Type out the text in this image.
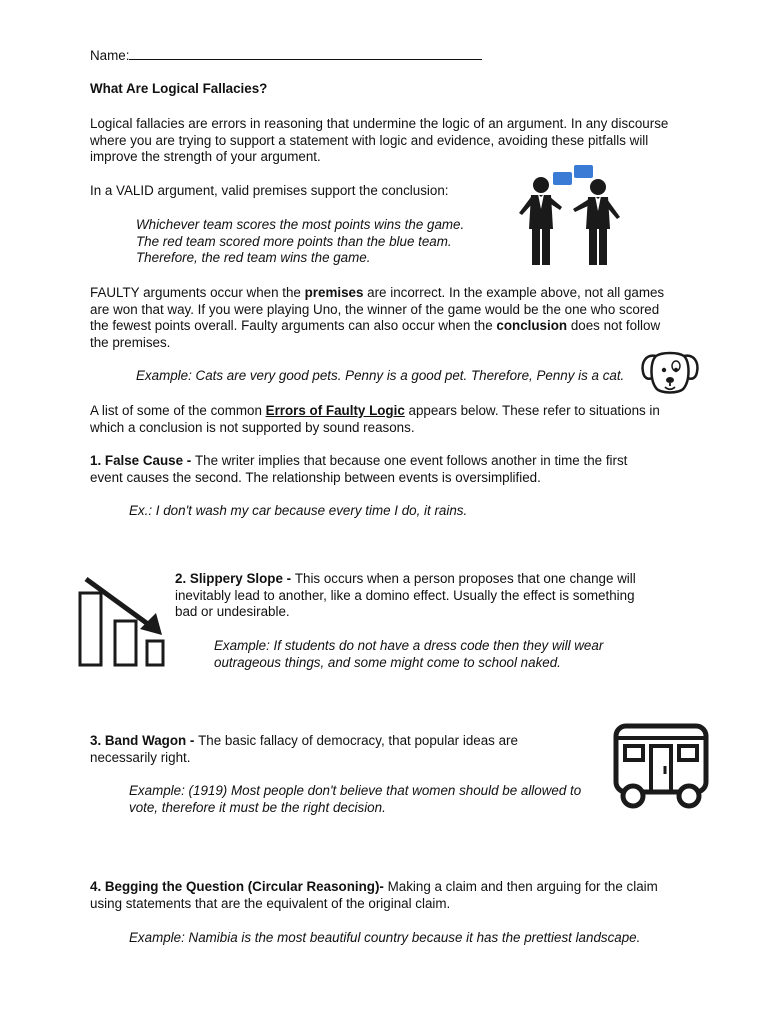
Name:
What Are Logical Fallacies?

Logical fallacies are errors in reasoning that undermine the logic of an argument. In any discourse where you are trying to support a statement with logic and evidence, avoiding these pitfalls will improve the strength of your argument.

In a VALID argument, valid premises support the conclusion:

Whichever team scores the most points wins the game.
The red team scored more points than the blue team.
Therefore, the red team wins the game.

FAULTY arguments occur when the premises are incorrect. In the example above, not all games are won that way. If you were playing Uno, the winner of the game would be the one who scored the fewest points overall. Faulty arguments can also occur when the conclusion does not follow the premises.

Example: Cats are very good pets. Penny is a good pet. Therefore, Penny is a cat.

A list of some of the common Errors of Faulty Logic appears below. These refer to situations in which a conclusion is not supported by sound reasons.

1. False Cause - The writer implies that because one event follows another in time the first event causes the second. The relationship between events is oversimplified.

Ex.: I don't wash my car because every time I do, it rains.

2. Slippery Slope - This occurs when a person proposes that one change will inevitably lead to another, like a domino effect. Usually the effect is something bad or undesirable.

Example: If students do not have a dress code then they will wear outrageous things, and some might come to school naked.

3. Band Wagon - The basic fallacy of democracy, that popular ideas are necessarily right.

Example: (1919) Most people don't believe that women should be allowed to vote, therefore it must be the right decision.

4. Begging the Question (Circular Reasoning)- Making a claim and then arguing for the claim using statements that are the equivalent of the original claim.

Example: Namibia is the most beautiful country because it has the prettiest landscape.
